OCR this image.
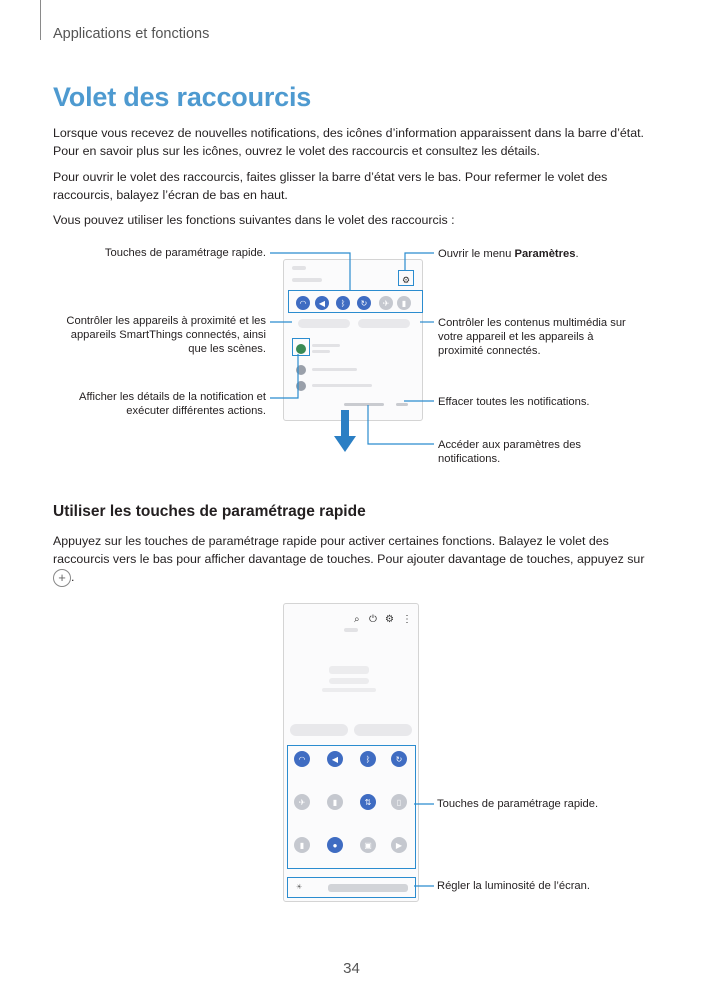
Applications et fonctions
Volet des raccourcis
Lorsque vous recevez de nouvelles notifications, des icônes d’information apparaissent dans la barre d’état. Pour en savoir plus sur les icônes, ouvrez le volet des raccourcis et consultez les détails.
Pour ouvrir le volet des raccourcis, faites glisser la barre d’état vers le bas. Pour refermer le volet des raccourcis, balayez l’écran de bas en haut.
Vous pouvez utiliser les fonctions suivantes dans le volet des raccourcis :
⚙
◠	◀	ᛒ	↻	✈	▮
Touches de paramétrage rapide.	Ouvrir le menu Paramètres.
Contrôler les appareils à proximité et les appareils SmartThings connectés, ainsi que les scènes.
Contrôler les contenus multimédia sur votre appareil et les appareils à proximité connectés.
Afficher les détails de la notification et exécuter différentes actions.
Effacer toutes les notifications.
Accéder aux paramètres des notifications.
Utiliser les touches de paramétrage rapide
Appuyez sur les touches de paramétrage rapide pour activer certaines fonctions. Balayez le volet des raccourcis vers le bas pour afficher davantage de touches. Pour ajouter davantage de touches, appuyez sur
+ .
⌕ ⏻ ⚙ ⋮
◠	◀	ᛒ	↻
✈	▮	⇅	▯
▮	●	▣	▶
☀
Touches de paramétrage rapide.
Régler la luminosité de l’écran.
34
